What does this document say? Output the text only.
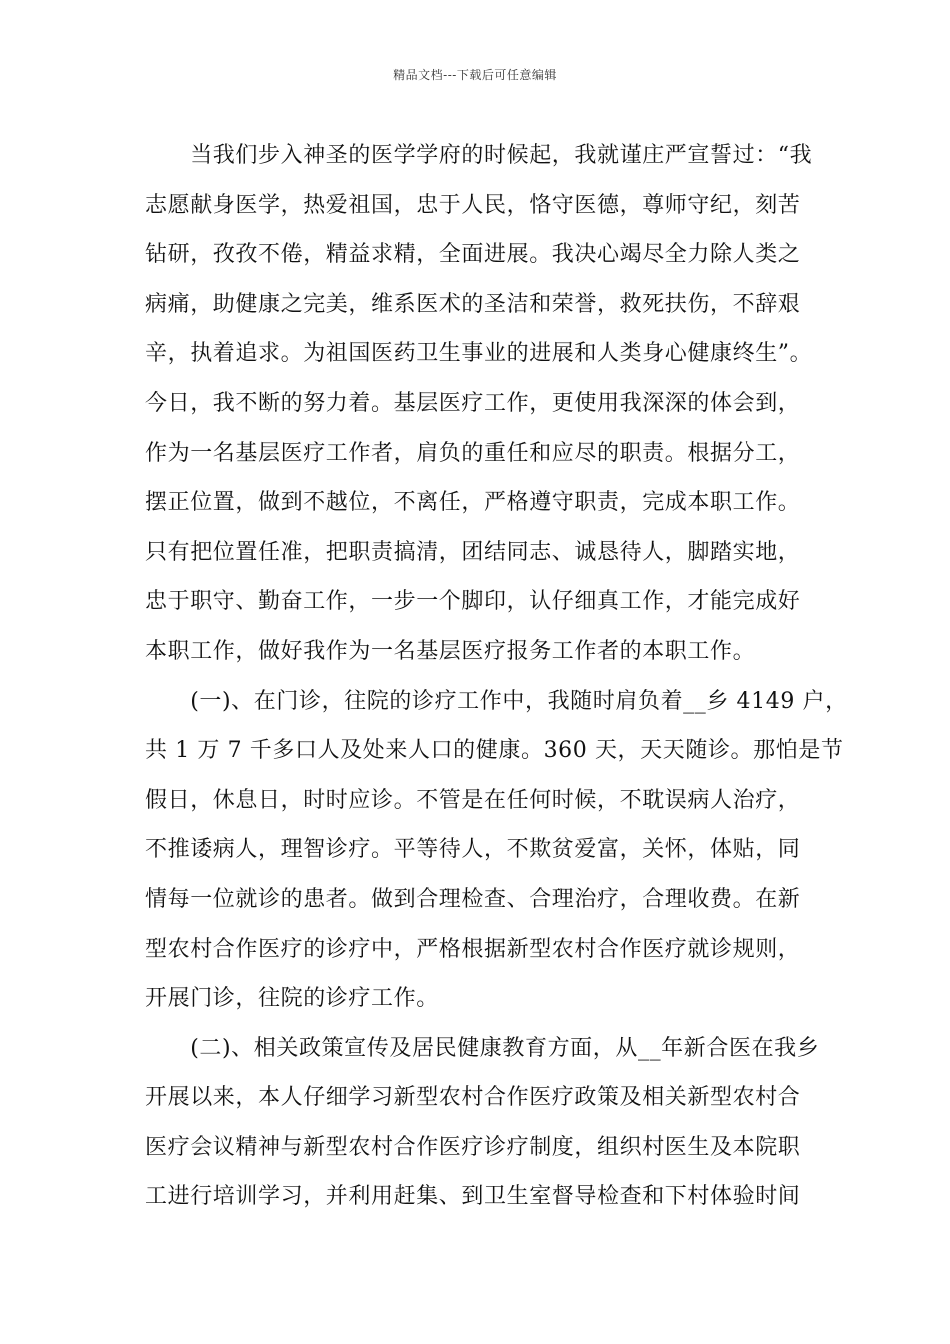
精品文档---下载后可任意编辑
　　当我们步入神圣的医学学府的时候起，我就谨庄严宣誓过：“我
志愿献身医学，热爱祖国，忠于人民，恪守医德，尊师守纪，刻苦
钻研，孜孜不倦，精益求精，全面进展。我决心竭尽全力除人类之
病痛，助健康之完美，维系医术的圣洁和荣誉，救死扶伤，不辞艰
辛，执着追求。为祖国医药卫生事业的进展和人类身心健康终生”。
今日，我不断的努力着。基层医疗工作，更使用我深深的体会到，
作为一名基层医疗工作者，肩负的重任和应尽的职责。根据分工，
摆正位置，做到不越位，不离任，严格遵守职责，完成本职工作。
只有把位置任准，把职责搞清，团结同志、诚恳待人，脚踏实地，
忠于职守、勤奋工作，一步一个脚印，认仔细真工作，才能完成好
本职工作，做好我作为一名基层医疗报务工作者的本职工作。
　　(一)、在门诊，往院的诊疗工作中，我随时肩负着__乡 4149 户，
共 1 万 7 千多口人及处来人口的健康。360 天，天天随诊。那怕是节
假日，休息日，时时应诊。不管是在任何时候，不耽误病人治疗，
不推诿病人，理智诊疗。平等待人，不欺贫爱富，关怀，体贴，同
情每一位就诊的患者。做到合理检查、合理治疗，合理收费。在新
型农村合作医疗的诊疗中，严格根据新型农村合作医疗就诊规则，
开展门诊，往院的诊疗工作。
　　(二)、相关政策宣传及居民健康教育方面，从__年新合医在我乡
开展以来，本人仔细学习新型农村合作医疗政策及相关新型农村合
医疗会议精神与新型农村合作医疗诊疗制度，组织村医生及本院职
工进行培训学习，并利用赶集、到卫生室督导检查和下村体验时间
